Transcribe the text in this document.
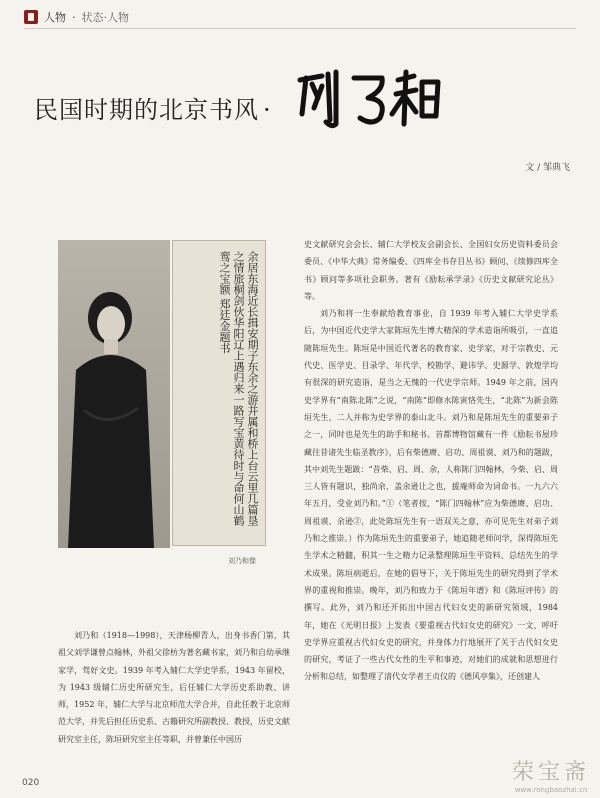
人物 · 状态·人物
民国时期的北京书风 ·
文 / 邹典飞
余居东海近长揖安期子东余之游并属和桥上台云里几篇垦之情旅桐剑伙华阳辽上遇归来一路写宝黄待时与命何山鹤鸾之宝额 郑廷金题书
刘乃和像

刘乃和（1918—1998），天津杨柳青人，出身书香门第，其祖父刘学谦曾点翰林，外祖父徐枋为著名藏书家，刘乃和自幼承继家学，驾好文史。1939 年考入辅仁大学史学系，1943 年留校，为 1943 级辅仁历史所研究生，后任辅仁大学历史系助教、讲师，1952 年，辅仁大学与北京师范大学合并，自此任教于北京师范大学，并先后担任历史系、古籍研究所副教授、教授，历史文献研究室主任，陈垣研究室主任等职，并曾兼任中国历

史文献研究会会长、辅仁大学校友会副会长、全国妇女历史资料委员会委员、《中华大典》常务编委、《四库全书存目丛书》顾问、《续修四库全书》顾问等多项社会职务。著有《励耘承学录》《历史文献研究论丛》等。

刘乃和将一生奉献给教育事业，自 1939 年考入辅仁大学史学系后，为中国近代史学大家陈垣先生博大精深的学术造诣所吸引，一直追随陈垣先生。陈垣是中国近代著名的教育家、史学家，对于宗教史、元代史、医学史、目录学、年代学、校勘学、避讳学、史源学、敦煌学均有很深的研究造诣，是当之无愧的一代史学宗师。1949 年之前，国内史学界有“南陈北陈”之说，“南陈”即修水陈寅恪先生，“北陈”为新会陈垣先生，二人并称为史学界的泰山北斗。刘乃和是陈垣先生的重要弟子之一，同时也是先生的助手和秘书。首都博物馆藏有一件《励耘书屋珍藏往昔诸先生临圣教序》，后有柴德赓、启功、周祖谟、刘乃和的题跋，其中刘先生题跋：“昔柴、启、周、余，人称陈门四翰林，今柴、启、周三人皆有题识，独尚余，盖余逊让之也，援庵师命为词命书。一九六六年五月，受业刘乃和。”①（笔者按，“陈门四翰林”应为柴德赓、启功、周祖谟、余逊②，此处陈垣先生有一语双关之意，亦可见先生对弟子刘乃和之推崇。）作为陈垣先生的重要弟子，她追随老师问学，深得陈垣先生学术之精髓，积其一生之精力记录整理陈垣生平资料、总结先生的学术成果。陈垣病逝后，在她的倡导下，关于陈垣先生的研究得到了学术界的重视和推崇。晚年，刘乃和致力于《陈垣年谱》和《陈垣评传》的撰写。此外，刘乃和还开拓出中国古代妇女史的新研究领域，1984 年，她在《光明日报》上发表《要重视古代妇女史的研究》一文，呼吁史学界应重视古代妇女史的研究，并身体力行地展开了关于古代妇女史的研究，考证了一些古代女性的生平和事迹，对她们的成就和思想进行分析和总结，如整理了清代女学者王贞仪的《德风亭集》，还创建人

020	荣宝斋
www.rongbaozhai.cn
